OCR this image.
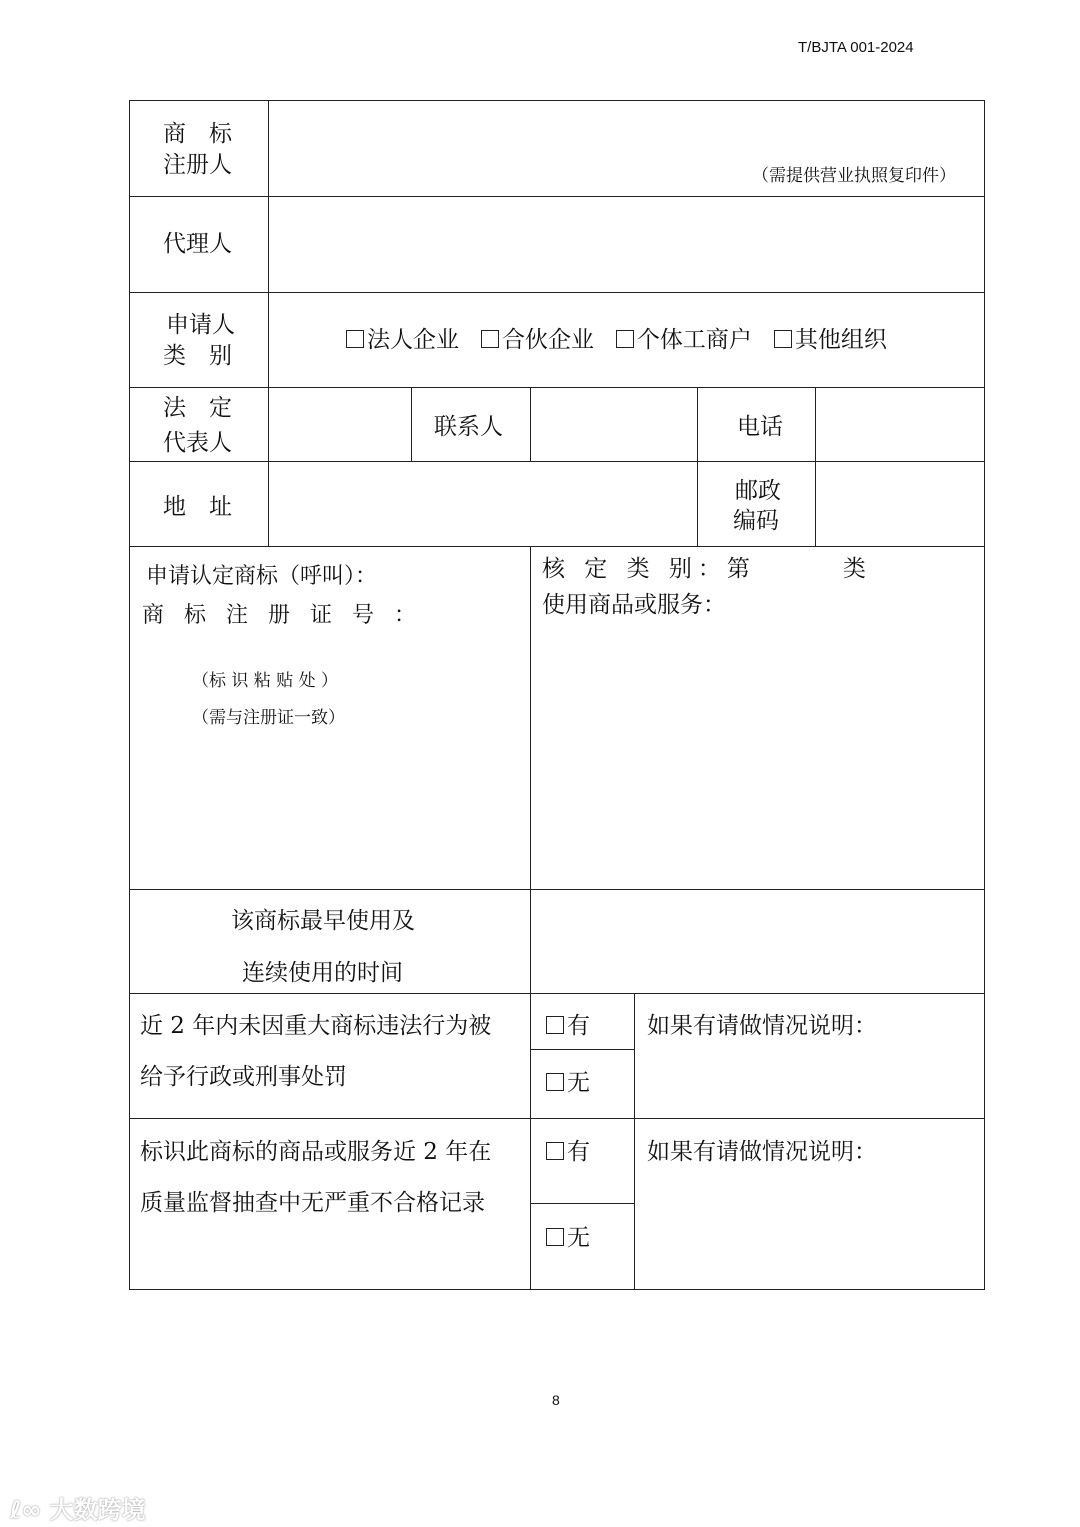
T/BJTA 001-2024
商　标
注册人	（需提供营业执照复印件）
代理人
申请人
类　别
法人企业 合伙企业 个体工商户 其他组织
法　定
代表人
联系人	电话
地　址
邮政
编码
申请认定商标（呼叫）：
商标注册证号：
（标 识 粘 贴 处 ）
（需与注册证一致）
核 定 类 别：第　　　类
使用商品或服务：
该商标最早使用及
连续使用的时间
近 2 年内未因重大商标违法行为被
给予行政或刑事处罚
有
无
如果有请做情况说明：
标识此商标的商品或服务近 2 年在
质量监督抽查中无严重不合格记录
有
无
如果有请做情况说明：
8
ℓ∞ 大数跨境
